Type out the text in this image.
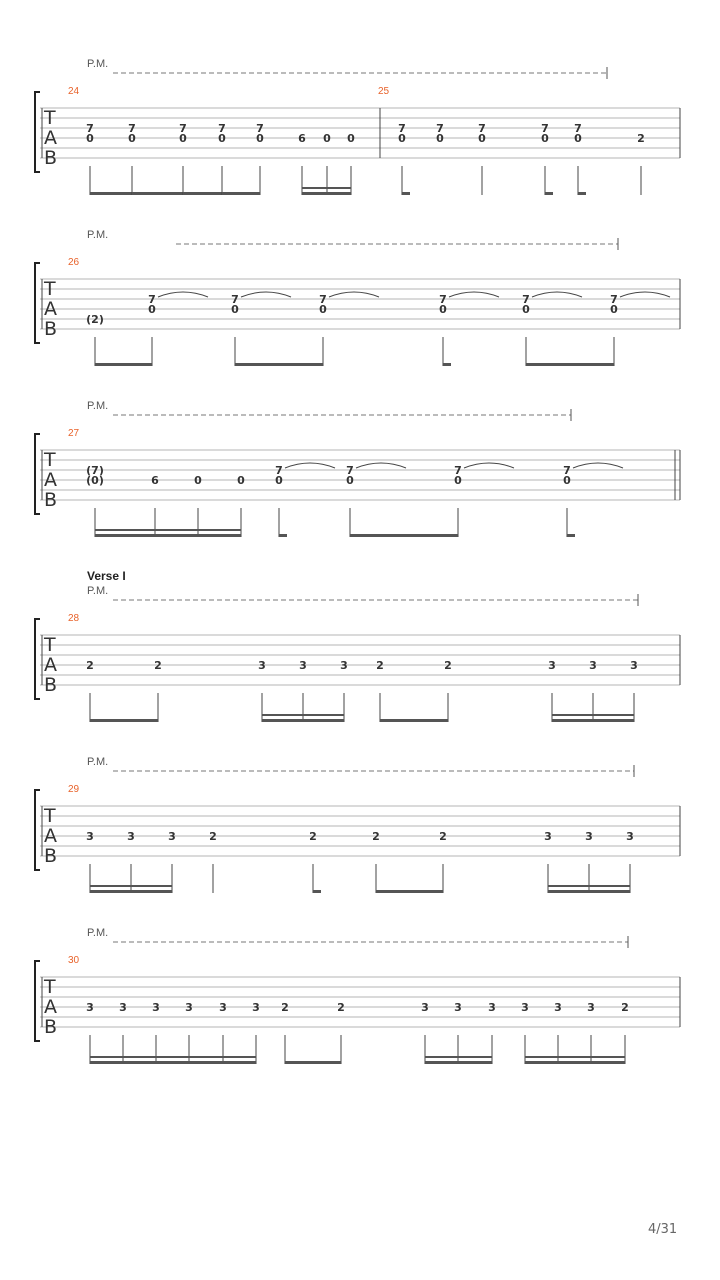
P.M.
24	25
T
A
B
7
0
7
0
7
0
7
0
7
0	6 0 0
7
0
7
0
7
0
7
0
7
0	2
P.M.
26
T
A
B	(2)
7
0
7
0
7
0
7
0
7
0
7
0
P.M.
27
T
A
B
(7)
(0)	6	0	0
7
0
7
0
7
0
7
0
P.M.
Verse I
28
T
A
B
2	2	3	3	3	2	2	3	3	3
P.M.
29
T
A
B
3	3	3	2	2	2	2	3	3	3
P.M.
30
T
A
B
3 3 3 3 3 3 2	2	3 3 3 3 3 3 2
4/31
